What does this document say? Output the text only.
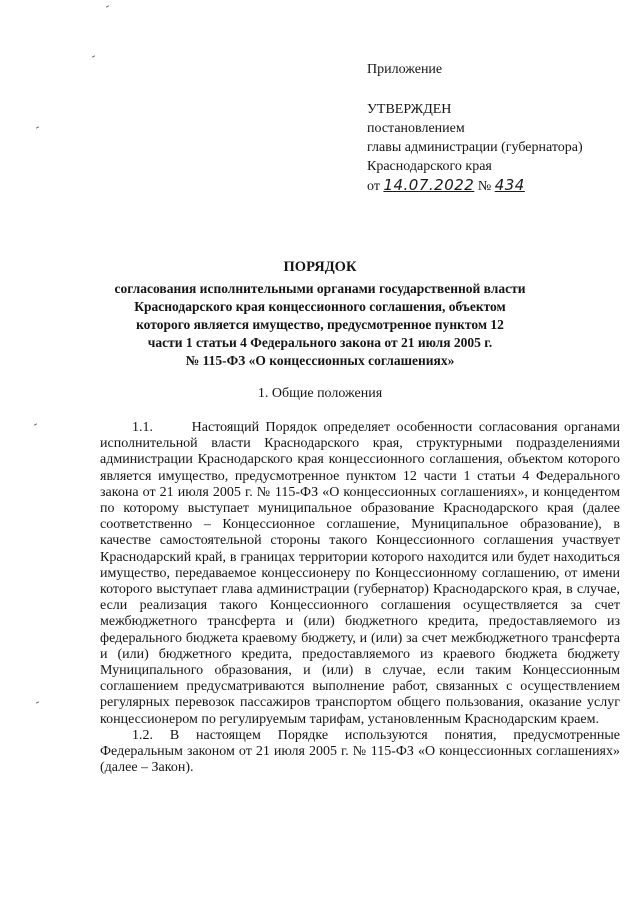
Приложение
УТВЕРЖДЕН
постановлением
главы администрации (губернатора)
Краснодарского края
от 14.07.2022 № 434
ПОРЯДОК
согласования исполнительными органами государственной власти
Краснодарского края концессионного соглашения, объектом
которого является имущество, предусмотренное пунктом 12
части 1 статьи 4 Федерального закона от 21 июля 2005 г.
№ 115-ФЗ «О концессионных соглашениях»
1. Общие положения

1.1.      Настоящий Порядок определяет особенности согласования органами исполнительной власти Краснодарского края, структурными подразделениями администрации Краснодарского края концессионного соглашения, объектом которого является имущество, предусмотренное пунктом 12 части 1 статьи 4 Федерального закона от 21 июля 2005 г. № 115-ФЗ «О концессионных соглашениях», и концедентом по которому выступает муниципальное образование Краснодарского края (далее соответственно – Концессионное соглашение, Муниципальное образование), в качестве самостоятельной стороны такого Концессионного соглашения участвует Краснодарский край, в границах территории которого находится или будет находиться имущество, передаваемое концессионеру по Концессионному соглашению, от имени которого выступает глава администрации (губернатор) Краснодарского края, в случае, если реализация такого Концессионного соглашения осуществляется за счет межбюджетного трансферта и (или) бюджетного кредита, предоставляемого из федерального бюджета краевому бюджету, и (или) за счет межбюджетного трансферта и (или) бюджетного кредита, предоставляемого из краевого бюджета бюджету Муниципального образования, и (или) в случае, если таким Концессионным соглашением предусматриваются выполнение работ, связанных с осуществлением регулярных перевозок пассажиров транспортом общего пользования, оказание услуг концессионером по регулируемым тарифам, установленным Краснодарским краем.

1.2. В настоящем Порядке используются понятия, предусмотренные Федеральным законом от 21 июля 2005 г. № 115-ФЗ «О концессионных соглашениях» (далее – Закон).
